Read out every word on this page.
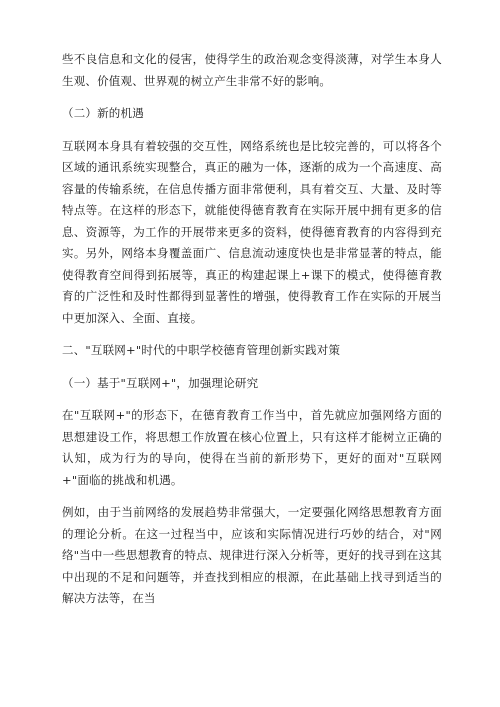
些不良信息和文化的侵害，使得学生的政治观念变得淡薄，对学生本身人生观、价值观、世界观的树立产生非常不好的影响。

（二）新的机遇

互联网本身具有着较强的交互性，网络系统也是比较完善的，可以将各个区域的通讯系统实现整合，真正的融为一体，逐渐的成为一个高速度、高容量的传输系统，在信息传播方面非常便利，具有着交互、大量、及时等特点等。在这样的形态下，就能使得德育教育在实际开展中拥有更多的信息、资源等，为工作的开展带来更多的资料，使得德育教育的内容得到充实。另外，网络本身覆盖面广、信息流动速度快也是非常显著的特点，能使得教育空间得到拓展等，真正的构建起课上+课下的模式，使得德育教育的广泛性和及时性都得到显著性的增强，使得教育工作在实际的开展当中更加深入、全面、直接。

二、"互联网+"时代的中职学校德育管理创新实践对策

（一）基于"互联网+"，加强理论研究

在"互联网+"的形态下，在德育教育工作当中，首先就应加强网络方面的思想建设工作，将思想工作放置在核心位置上，只有这样才能树立正确的认知，成为行为的导向，使得在当前的新形势下，更好的面对"互联网+"面临的挑战和机遇。

例如，由于当前网络的发展趋势非常强大，一定要强化网络思想教育方面的理论分析。在这一过程当中，应该和实际情况进行巧妙的结合，对"网络"当中一些思想教育的特点、规律进行深入分析等，更好的找寻到在这其中出现的不足和问题等，并查找到相应的根源，在此基础上找寻到适当的解决方法等，在当
